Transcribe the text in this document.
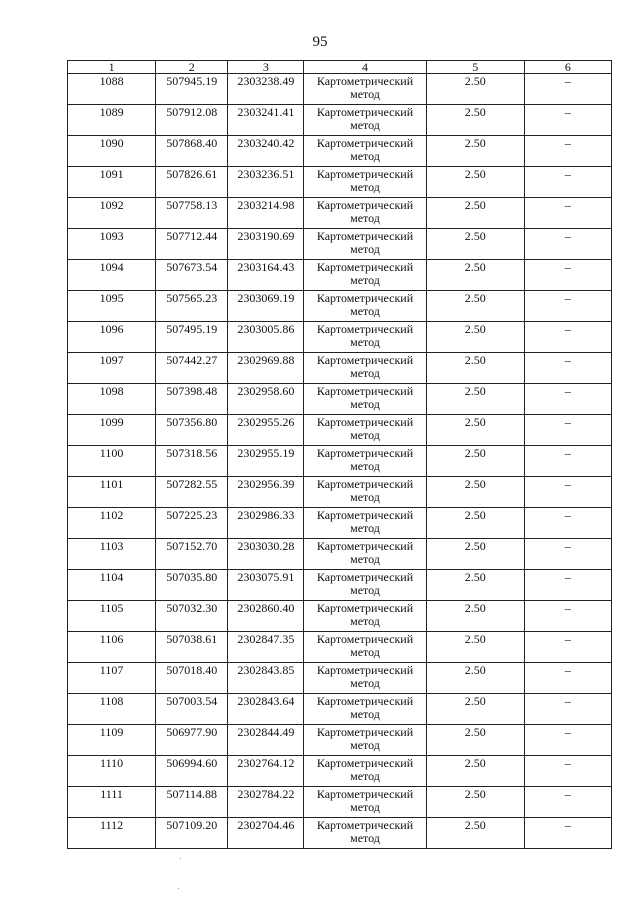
95
1	2	3	4	5	6
1088	507945.19	2303238.49	Картометрический метод	2.50	–
1089	507912.08	2303241.41	Картометрический метод	2.50	–
1090	507868.40	2303240.42	Картометрический метод	2.50	–
1091	507826.61	2303236.51	Картометрический метод	2.50	–
1092	507758.13	2303214.98	Картометрический метод	2.50	–
1093	507712.44	2303190.69	Картометрический метод	2.50	–
1094	507673.54	2303164.43	Картометрический метод	2.50	–
1095	507565.23	2303069.19	Картометрический метод	2.50	–
1096	507495.19	2303005.86	Картометрический метод	2.50	–
1097	507442.27	2302969.88	Картометрический метод	2.50	–
1098	507398.48	2302958.60	Картометрический метод	2.50	–
1099	507356.80	2302955.26	Картометрический метод	2.50	–
1100	507318.56	2302955.19	Картометрический метод	2.50	–
1101	507282.55	2302956.39	Картометрический метод	2.50	–
1102	507225.23	2302986.33	Картометрический метод	2.50	–
1103	507152.70	2303030.28	Картометрический метод	2.50	–
1104	507035.80	2303075.91	Картометрический метод	2.50	–
1105	507032.30	2302860.40	Картометрический метод	2.50	–
1106	507038.61	2302847.35	Картометрический метод	2.50	–
1107	507018.40	2302843.85	Картометрический метод	2.50	–
1108	507003.54	2302843.64	Картометрический метод	2.50	–
1109	506977.90	2302844.49	Картометрический метод	2.50	–
1110	506994.60	2302764.12	Картометрический метод	2.50	–
1111	507114.88	2302784.22	Картометрический метод	2.50	–
1112	507109.20	2302704.46	Картометрический метод	2.50	–
